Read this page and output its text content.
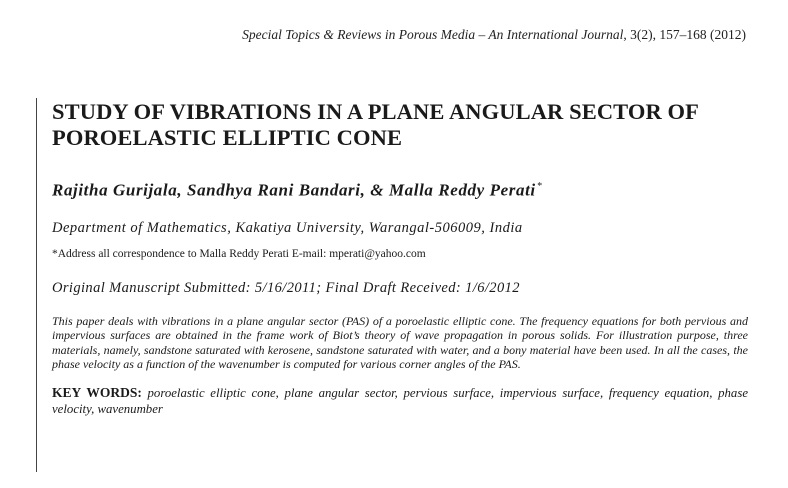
Special Topics & Reviews in Porous Media – An International Journal, 3(2), 157–168 (2012)
STUDY OF VIBRATIONS IN A PLANE ANGULAR SECTOR OF POROELASTIC ELLIPTIC CONE
Rajitha Gurijala, Sandhya Rani Bandari, & Malla Reddy Perati*
Department of Mathematics, Kakatiya University, Warangal-506009, India
*Address all correspondence to Malla Reddy Perati E-mail: mperati@yahoo.com
Original Manuscript Submitted: 5/16/2011; Final Draft Received: 1/6/2012
This paper deals with vibrations in a plane angular sector (PAS) of a poroelastic elliptic cone. The frequency equations for both pervious and impervious surfaces are obtained in the frame work of Biot’s theory of wave propagation in porous solids. For illustration purpose, three materials, namely, sandstone saturated with kerosene, sandstone saturated with water, and a bony material have been used. In all the cases, the phase velocity as a function of the wavenumber is computed for various corner angles of the PAS.
KEY WORDS: poroelastic elliptic cone, plane angular sector, pervious surface, impervious surface, frequency equation, phase velocity, wavenumber
